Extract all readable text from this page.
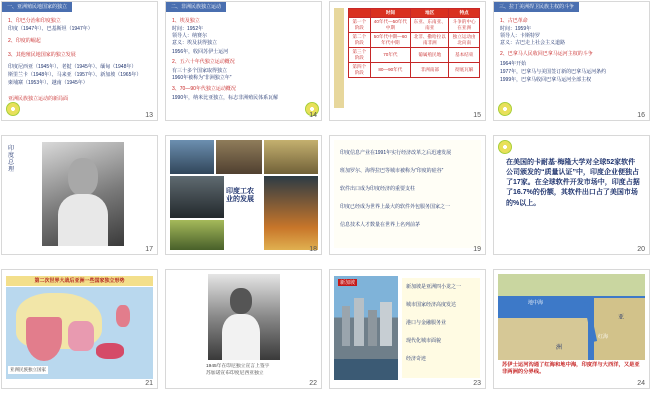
一、亚洲殖民地国家的独立
1、印巴分治和印度独立
印度（1947年）、巴基斯坦（1947年）
2、印度的崛起
3、其他殖民地国家的独立发展
印度尼西亚（1945年）、老挝（1945年）、缅甸（1948年）
斯里兰卡（1948年）、马来亚（1957年）、新加坡（1965年）
柬埔寨（1953年）、越南（1945年）
亚洲民族独立运动的新局面
13
二、非洲民族独立运动
1、埃及独立
时间：1952年
领导人：纳赛尔
意义：埃及获得独立
1956年，收回苏伊士运河
2、五六十年代独立运动概况
有三十多个国家取得独立
1960年被称为“非洲独立年”
3、70—90年代独立运动概况
1990年，纳米比亚独立，标志非洲殖民体系瓦解
14
	时间	地区	特点
第一个阶段	40年代—50年代中期	东亚、东南亚、南亚	斗争的中心在亚洲
第二个阶段	50年代中期—60年代中期	北非、撒哈拉以南非洲	独立运动由北向南
第三个阶段	70年代	葡属殖民地	基本结束
第四个阶段	80—90年代	非洲南部	彻底瓦解
15
三、拉丁美洲捍卫民族主权的斗争
1、古巴革命
时间：1959年
领导人：卡斯特罗
意义：古巴走上社会主义道路
2、巴拿马人民收回巴拿马运河主权的斗争
1964年开始
1977年，巴拿马与美国签订新的巴拿马运河条约
1999年，巴拿马收回巴拿马运河全部主权
16
印度总理
17
印度工农业的发展
18
印度信息产业在1991年实行经济改革之后迅速发展
班加罗尔、海得拉巴等城市被称为“印度的硅谷”
软件出口成为印度经济的重要支柱
印度已经成为世界上最大的软件外包服务国家之一
信息技术人才数量在世界上名列前茅
19
在美国的卡耐基·梅隆大学对全球52家软件公司颁发的“质量认证”中，印度企业便独占了17家。在全球软件开发市场中，印度占据了16.7%的份额，其软件出口占了美国市场的%以上。
20
第二次世界大战后亚洲一些国家独立形势
亚洲民族独立国家
21
1945年在印尼独立宣言上签字
苏加诺宣布印度尼西亚独立
22
新加坡
新加坡是亚洲四小龙之一
城市国家经济高度发达
港口与金融服务业
现代化城市面貌
经济奇迹
23
地中海
红海
洲
亚
苏伊士运河沟通了红海和地中海，印度洋与大西洋，又是亚非两洲的分界线。
24
